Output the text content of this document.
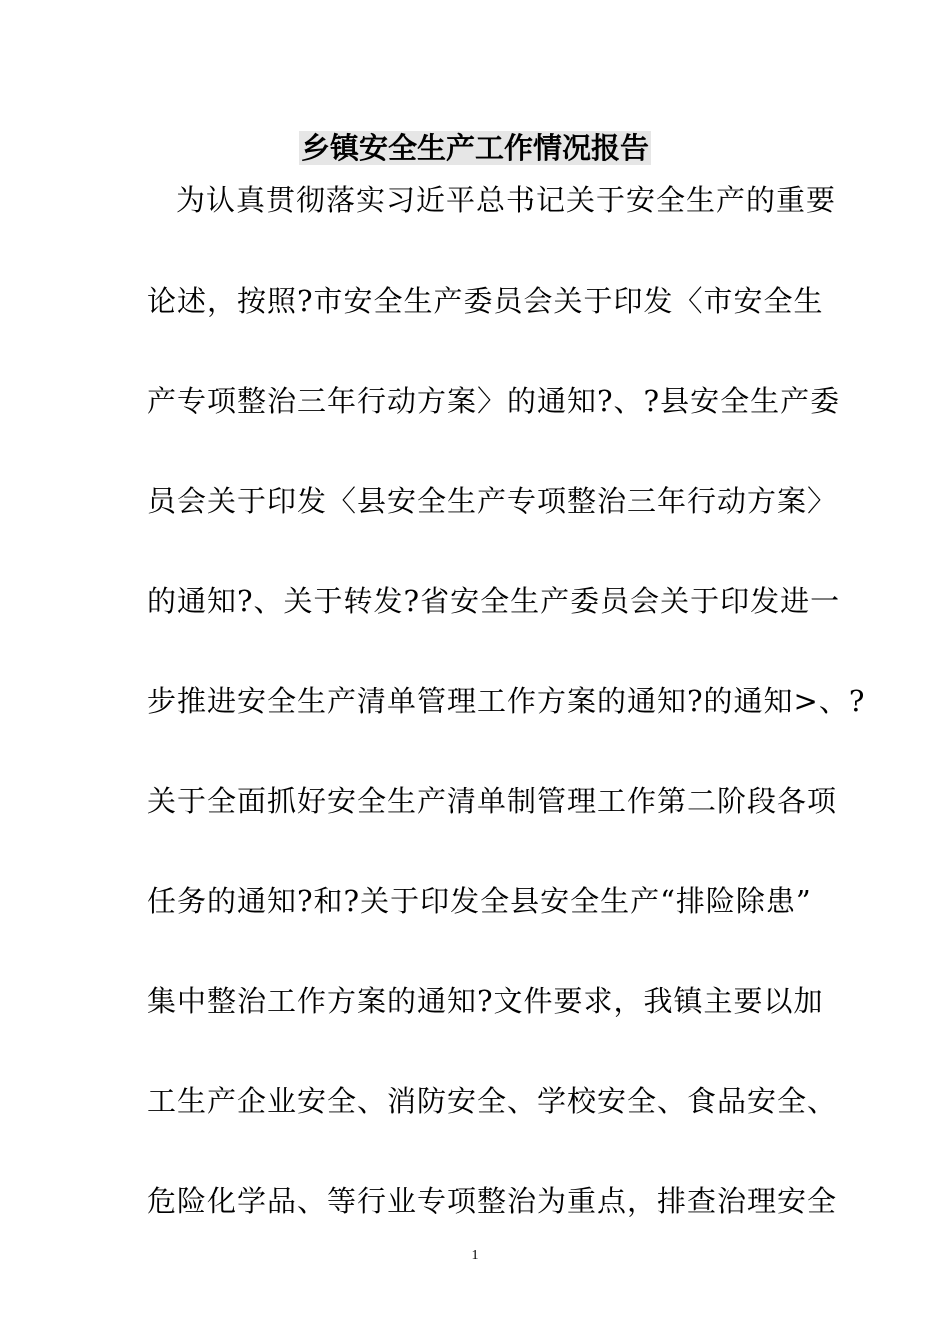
乡镇安全生产工作情况报告
为认真贯彻落实习近平总书记关于安全生产的重要
论述，按照?市安全生产委员会关于印发〈市安全生
产专项整治三年行动方案〉的通知?、?县安全生产委
员会关于印发〈县安全生产专项整治三年行动方案〉
的通知?、关于转发?省安全生产委员会关于印发进一
步推进安全生产清单管理工作方案的通知?的通知>、?
关于全面抓好安全生产清单制管理工作第二阶段各项
任务的通知?和?关于印发全县安全生产“排险除患”
集中整治工作方案的通知?文件要求，我镇主要以加
工生产企业安全、消防安全、学校安全、食品安全、
危险化学品、等行业专项整治为重点，排查治理安全
1
